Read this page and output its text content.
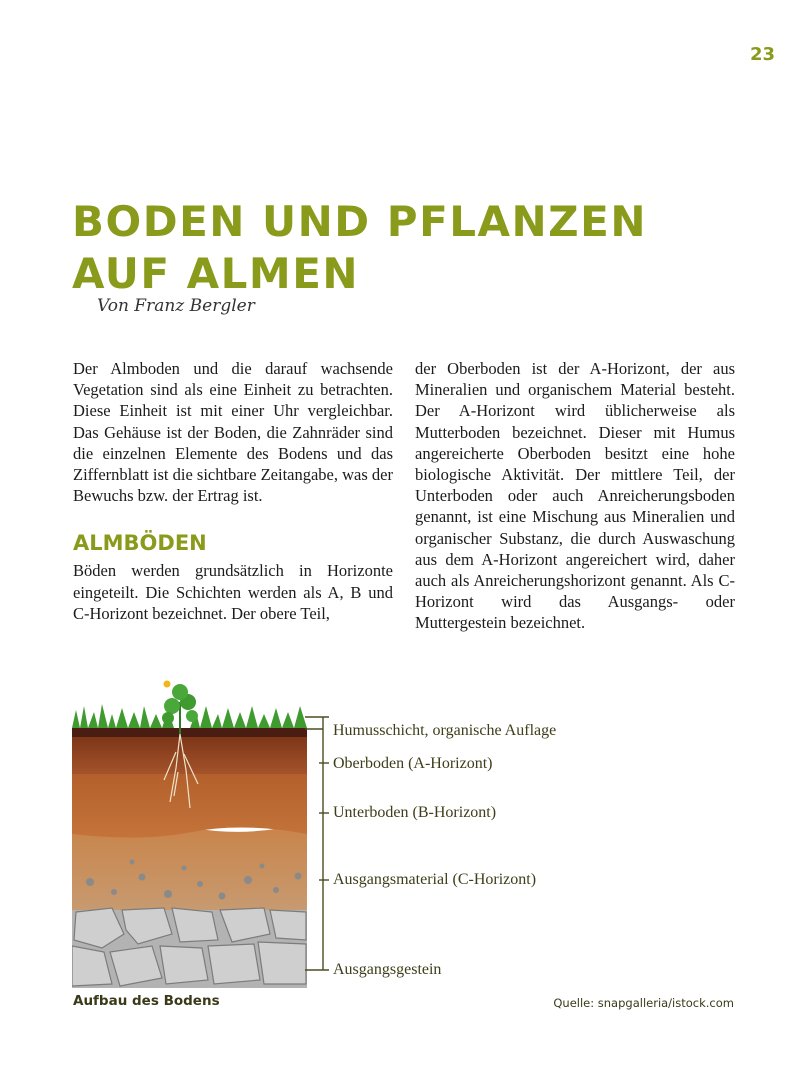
23
BODEN UND PFLANZEN
AUF ALMEN
Von Franz Bergler

Der Almboden und die darauf wachsende Vegetation sind als eine Einheit zu betrachten. Diese Einheit ist mit einer Uhr vergleichbar. Das Gehäuse ist der Boden, die Zahnräder sind die einzelnen Elemente des Bodens und das Ziffernblatt ist die sichtbare Zeitangabe, was der Bewuchs bzw. der Ertrag ist.

ALMBÖDEN

Böden werden grundsätzlich in Horizonte eingeteilt. Die Schichten werden als A, B und C-Horizont bezeichnet. Der obere Teil,

der Oberboden ist der A-Horizont, der aus Mineralien und organischem Material besteht. Der A-Horizont wird üblicherweise als Mutterboden bezeichnet. Dieser mit Humus angereicherte Oberboden besitzt eine hohe biologische Aktivität. Der mittlere Teil, der Unterboden oder auch Anreicherungsboden genannt, ist eine Mischung aus Mineralien und organischer Substanz, die durch Auswaschung aus dem A-Horizont angereichert wird, daher auch als Anreicherungshorizont genannt. Als C-Horizont wird das Ausgangs- oder Muttergestein bezeichnet.

Humusschicht, organische Auflage
Oberboden (A-Horizont)
Unterboden (B-Horizont)
Ausgangsmaterial (C-Horizont)
Ausgangsgestein
Aufbau des Bodens	Quelle: snapgalleria/istock.com
